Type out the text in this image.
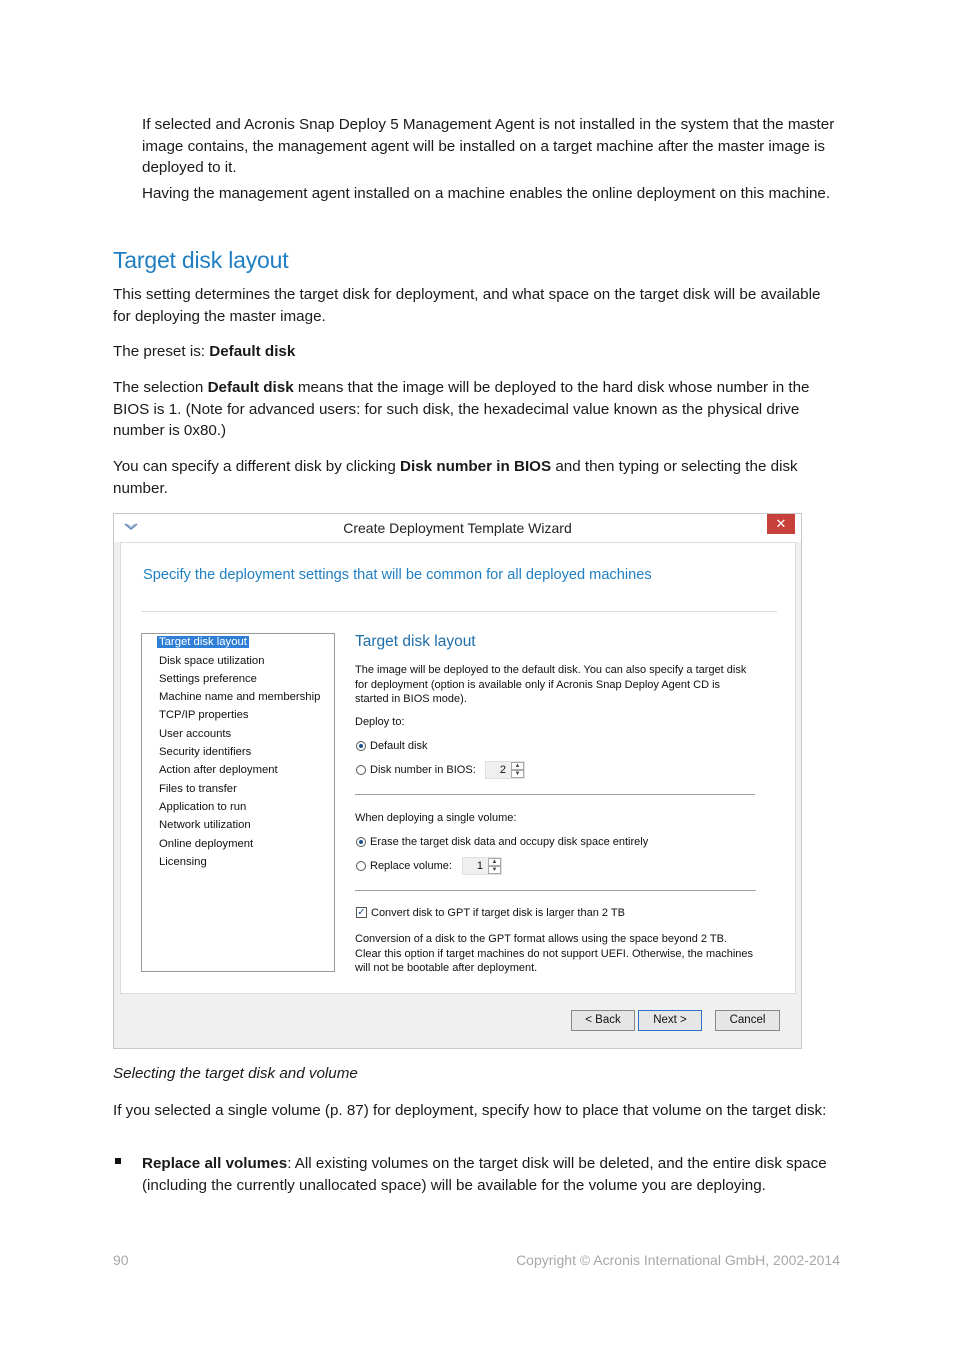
If selected and Acronis Snap Deploy 5 Management Agent is not installed in the system that the master image contains, the management agent will be installed on a target machine after the master image is deployed to it.
Having the management agent installed on a machine enables the online deployment on this machine.
Target disk layout
This setting determines the target disk for deployment, and what space on the target disk will be available for deploying the master image.
The preset is: Default disk
The selection Default disk means that the image will be deployed to the hard disk whose number in the BIOS is 1. (Note for advanced users: for such disk, the hexadecimal value known as the physical drive number is 0x80.)
You can specify a different disk by clicking Disk number in BIOS and then typing or selecting the disk number.
Create Deployment Template Wizard	✕
Specify the deployment settings that will be common for all deployed machines
Target disk layout
Disk space utilization
Settings preference
Machine name and membership
TCP/IP properties
User accounts
Security identifiers
Action after deployment
Files to transfer
Application to run
Network utilization
Online deployment
Licensing
Target disk layout
The image will be deployed to the default disk. You can also specify a target disk for deployment (option is available only if Acronis Snap Deploy Agent CD is started in BIOS mode).
Deploy to:
Default disk
Disk number in BIOS: 2	▲
▼
When deploying a single volume:
Erase the target disk data and occupy disk space entirely
Replace volume: 1	▲
▼
✓ Convert disk to GPT if target disk is larger than 2 TB
Conversion of a disk to the GPT format allows using the space beyond 2 TB. Clear this option if target machines do not support UEFI. Otherwise, the machines will not be bootable after deployment.
< Back	Next >	Cancel
Selecting the target disk and volume
If you selected a single volume (p. 87) for deployment, specify how to place that volume on the target disk:
Replace all volumes: All existing volumes on the target disk will be deleted, and the entire disk space (including the currently unallocated space) will be available for the volume you are deploying.
90	Copyright © Acronis International GmbH, 2002-2014
